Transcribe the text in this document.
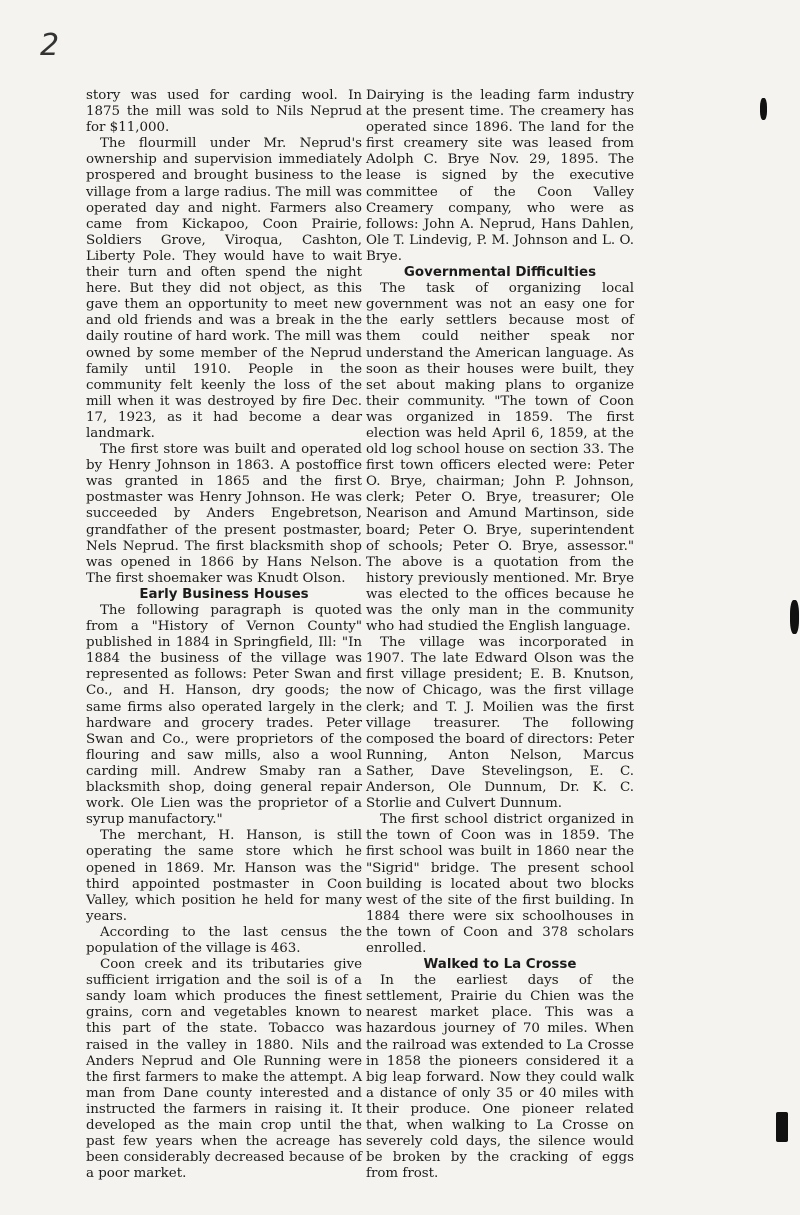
2

story was used for carding wool. In 1875 the mill was sold to Nils Neprud for $11,000.

The flourmill under Mr. Neprud's ownership and supervision immediately prospered and brought business to the village from a large radius. The mill was operated day and night. Farmers also came from Kickapoo, Coon Prairie, Soldiers Grove, Viroqua, Cashton, Liberty Pole. They would have to wait their turn and often spend the night here. But they did not object, as this gave them an opportunity to meet new and old friends and was a break in the daily routine of hard work. The mill was owned by some member of the Neprud family until 1910. People in the community felt keenly the loss of the mill when it was destroyed by fire Dec. 17, 1923, as it had become a dear landmark.

The first store was built and operated by Henry Johnson in 1863. A postoffice was granted in 1865 and the first postmaster was Henry Johnson. He was succeeded by Anders Engebretson, grandfather of the present postmaster, Nels Neprud. The first blacksmith shop was opened in 1866 by Hans Nelson. The first shoemaker was Knudt Olson.

Early Business Houses

The following paragraph is quoted from a "History of Vernon County" published in 1884 in Springfield, Ill: "In 1884 the business of the village was represented as follows: Peter Swan and Co., and H. Hanson, dry goods; the same firms also operated largely in the hardware and grocery trades. Peter Swan and Co., were proprietors of the flouring and saw mills, also a wool carding mill. Andrew Smaby ran a blacksmith shop, doing general repair work. Ole Lien was the proprietor of a syrup manufactory."

The merchant, H. Hanson, is still operating the same store which he opened in 1869. Mr. Hanson was the third appointed postmaster in Coon Valley, which position he held for many years.

According to the last census the population of the village is 463.

Coon creek and its tributaries give sufficient irrigation and the soil is of a sandy loam which produces the finest grains, corn and vegetables known to this part of the state. Tobacco was raised in the valley in 1880. Nils and Anders Neprud and Ole Running were the first farmers to make the attempt. A man from Dane county interested and instructed the farmers in raising it. It developed as the main crop until the past few years when the acreage has been considerably decreased because of a poor market.

Dairying is the leading farm industry at the present time. The creamery has operated since 1896. The land for the first creamery site was leased from Adolph C. Brye Nov. 29, 1895. The lease is signed by the executive committee of the Coon Valley Creamery company, who were as follows: John A. Neprud, Hans Dahlen, Ole T. Lindevig, P. M. Johnson and L. O. Brye.

Governmental Difficulties

The task of organizing local government was not an easy one for the early settlers because most of them could neither speak nor understand the American language. As soon as their houses were built, they set about making plans to organize their community. "The town of Coon was organized in 1859. The first election was held April 6, 1859, at the old log school house on section 33. The first town officers elected were: Peter O. Brye, chairman; John P. Johnson, clerk; Peter O. Brye, treasurer; Ole Nearison and Amund Martinson, side board; Peter O. Brye, superintendent of schools; Peter O. Brye, assessor." The above is a quotation from the history previously mentioned. Mr. Brye was elected to the offices because he was the only man in the community who had studied the English language.

The village was incorporated in 1907. The late Edward Olson was the first village president; E. B. Knutson, now of Chicago, was the first village clerk; and T. J. Moilien was the first village treasurer. The following composed the board of directors: Peter Running, Anton Nelson, Marcus Sather, Dave Stevelingson, E. C. Anderson, Ole Dunnum, Dr. K. C. Storlie and Culvert Dunnum.

The first school district organized in the town of Coon was in 1859. The first school was built in 1860 near the "Sigrid" bridge. The present school building is located about two blocks west of the site of the first building. In 1884 there were six schoolhouses in the town of Coon and 378 scholars enrolled.

Walked to La Crosse

In the earliest days of the settlement, Prairie du Chien was the nearest market place. This was a hazardous journey of 70 miles. When the railroad was extended to La Crosse in 1858 the pioneers considered it a big leap forward. Now they could walk a distance of only 35 or 40 miles with their produce. One pioneer related that, when walking to La Crosse on severely cold days, the silence would be broken by the cracking of eggs from frost.
